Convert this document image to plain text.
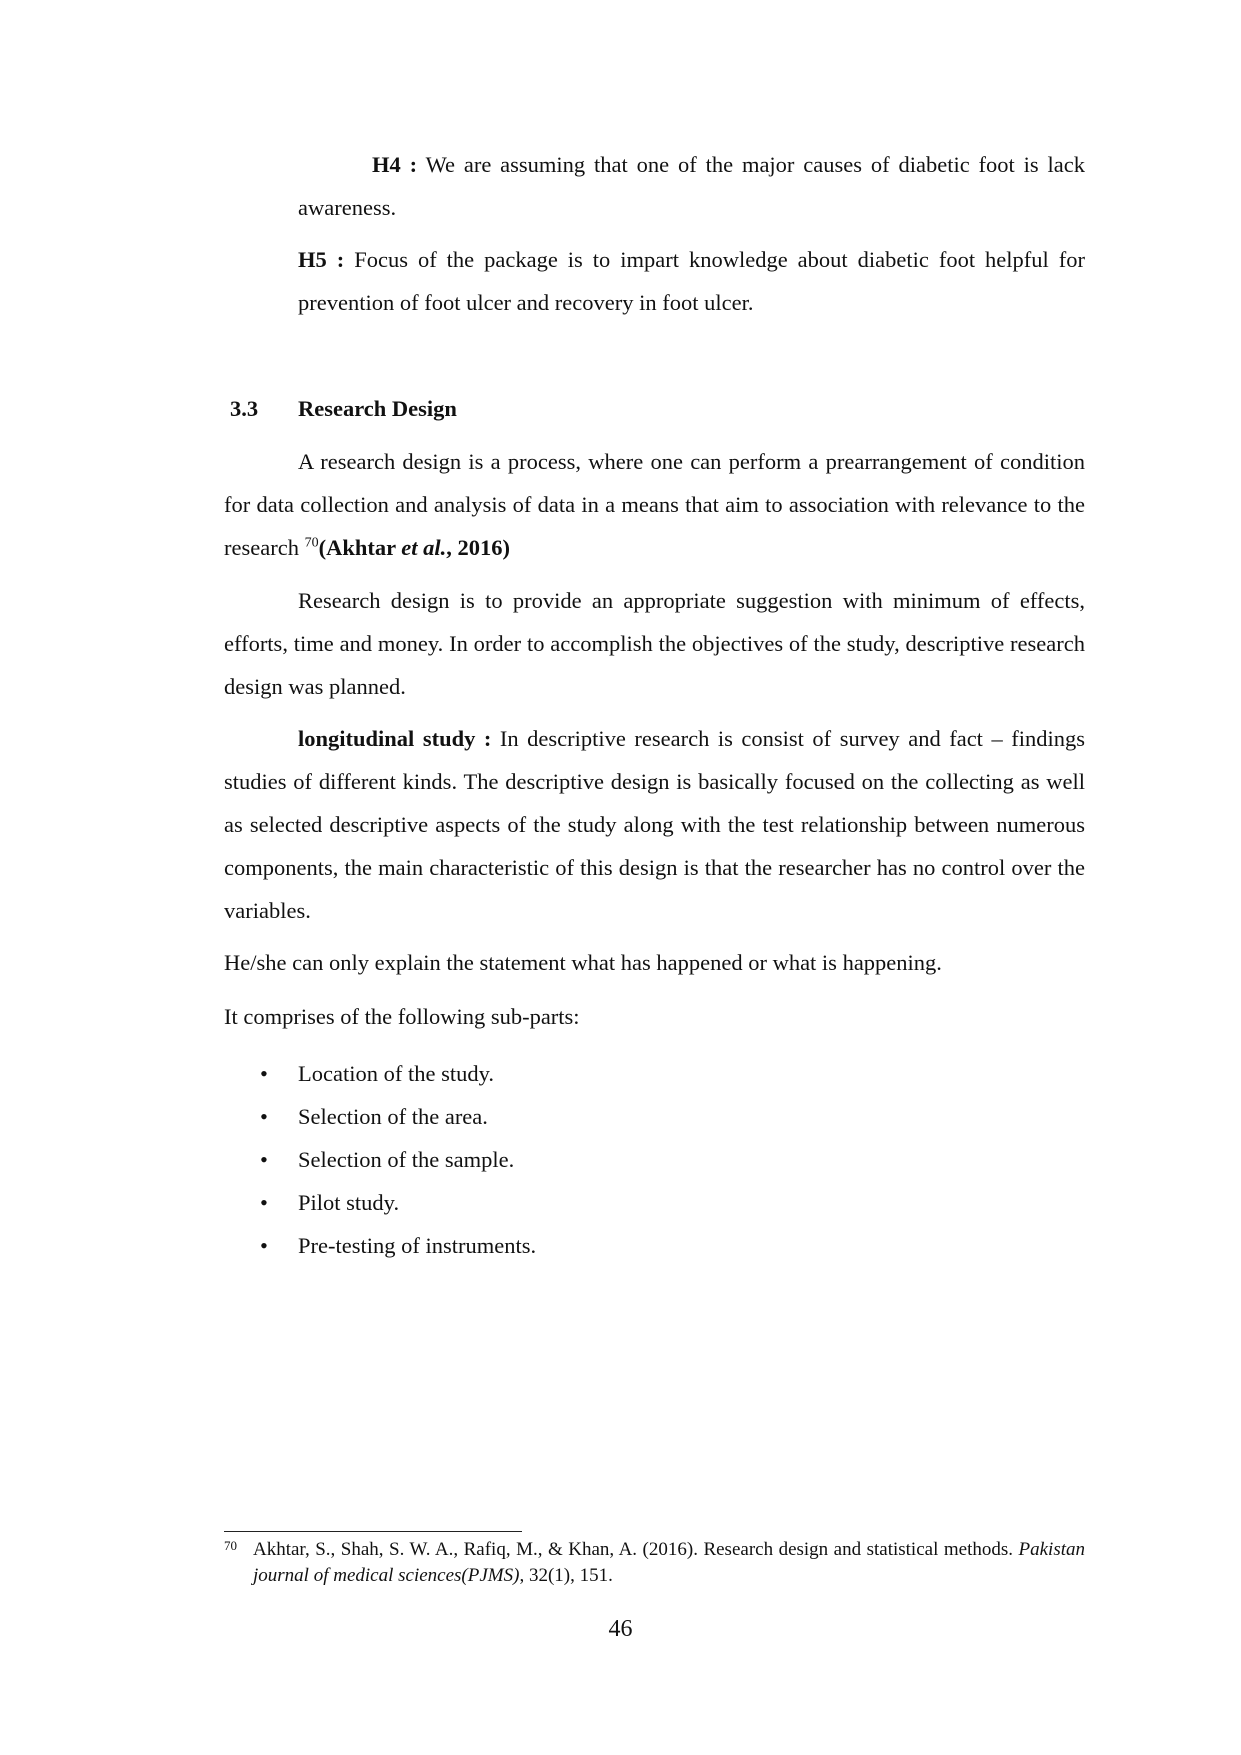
H4 : We are assuming that one of the major causes of diabetic foot is lack awareness.
H5 : Focus of the package is to impart knowledge about diabetic foot helpful for prevention of foot ulcer and recovery in foot ulcer.
3.3 Research Design
A research design is a process, where one can perform a prearrangement of condition for data collection and analysis of data in a means that aim to association with relevance to the research $^{70}$(Akhtar et al., 2016)
Research design is to provide an appropriate suggestion with minimum of effects, efforts, time and money. In order to accomplish the objectives of the study, descriptive research design was planned.
longitudinal study : In descriptive research is consist of survey and fact – findings studies of different kinds. The descriptive design is basically focused on the collecting as well as selected descriptive aspects of the study along with the test relationship between numerous components, the main characteristic of this design is that the researcher has no control over the variables.
He/she can only explain the statement what has happened or what is happening.
It comprises of the following sub-parts:
• Location of the study.
• Selection of the area.
• Selection of the sample.
• Pilot study.
• Pre-testing of instruments.
70 Akhtar, S., Shah, S. W. A., Rafiq, M., & Khan, A. (2016). Research design and statistical methods. Pakistan journal of medical sciences(PJMS), 32(1), 151.
46
